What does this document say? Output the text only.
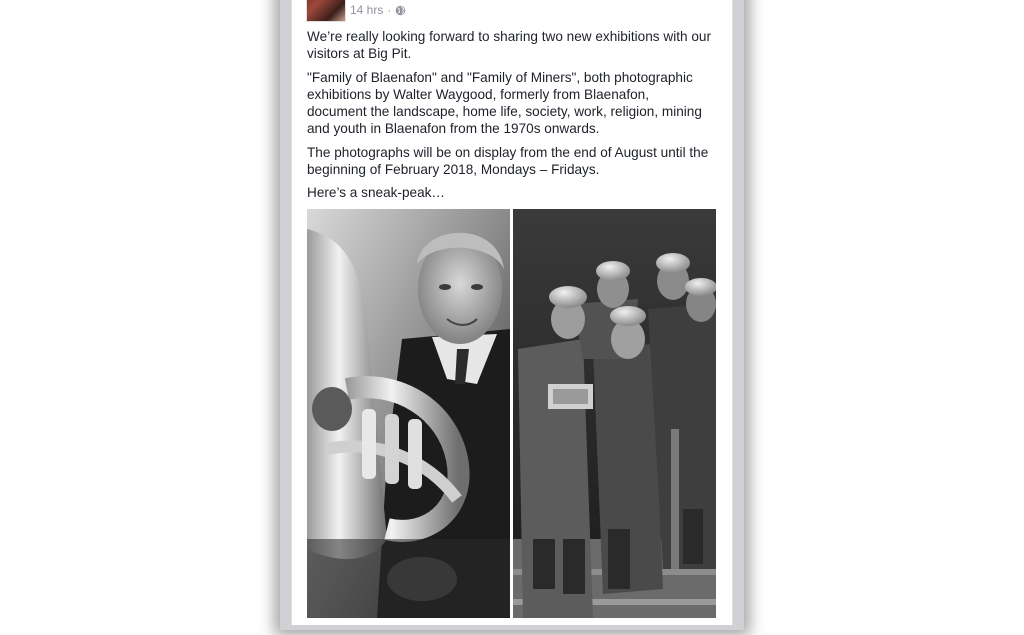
14 hrs ·

We’re really looking forward to sharing two new exhibitions with our visitors at Big Pit.

"Family of Blaenafon" and "Family of Miners", both photographic exhibitions by Walter Waygood, formerly from Blaenafon, document the landscape, home life, society, work, religion, mining and youth in Blaenafon from the 1970s onwards.

The photographs will be on display from the end of August until the beginning of February 2018, Mondays – Fridays.

Here’s a sneak-peak…
